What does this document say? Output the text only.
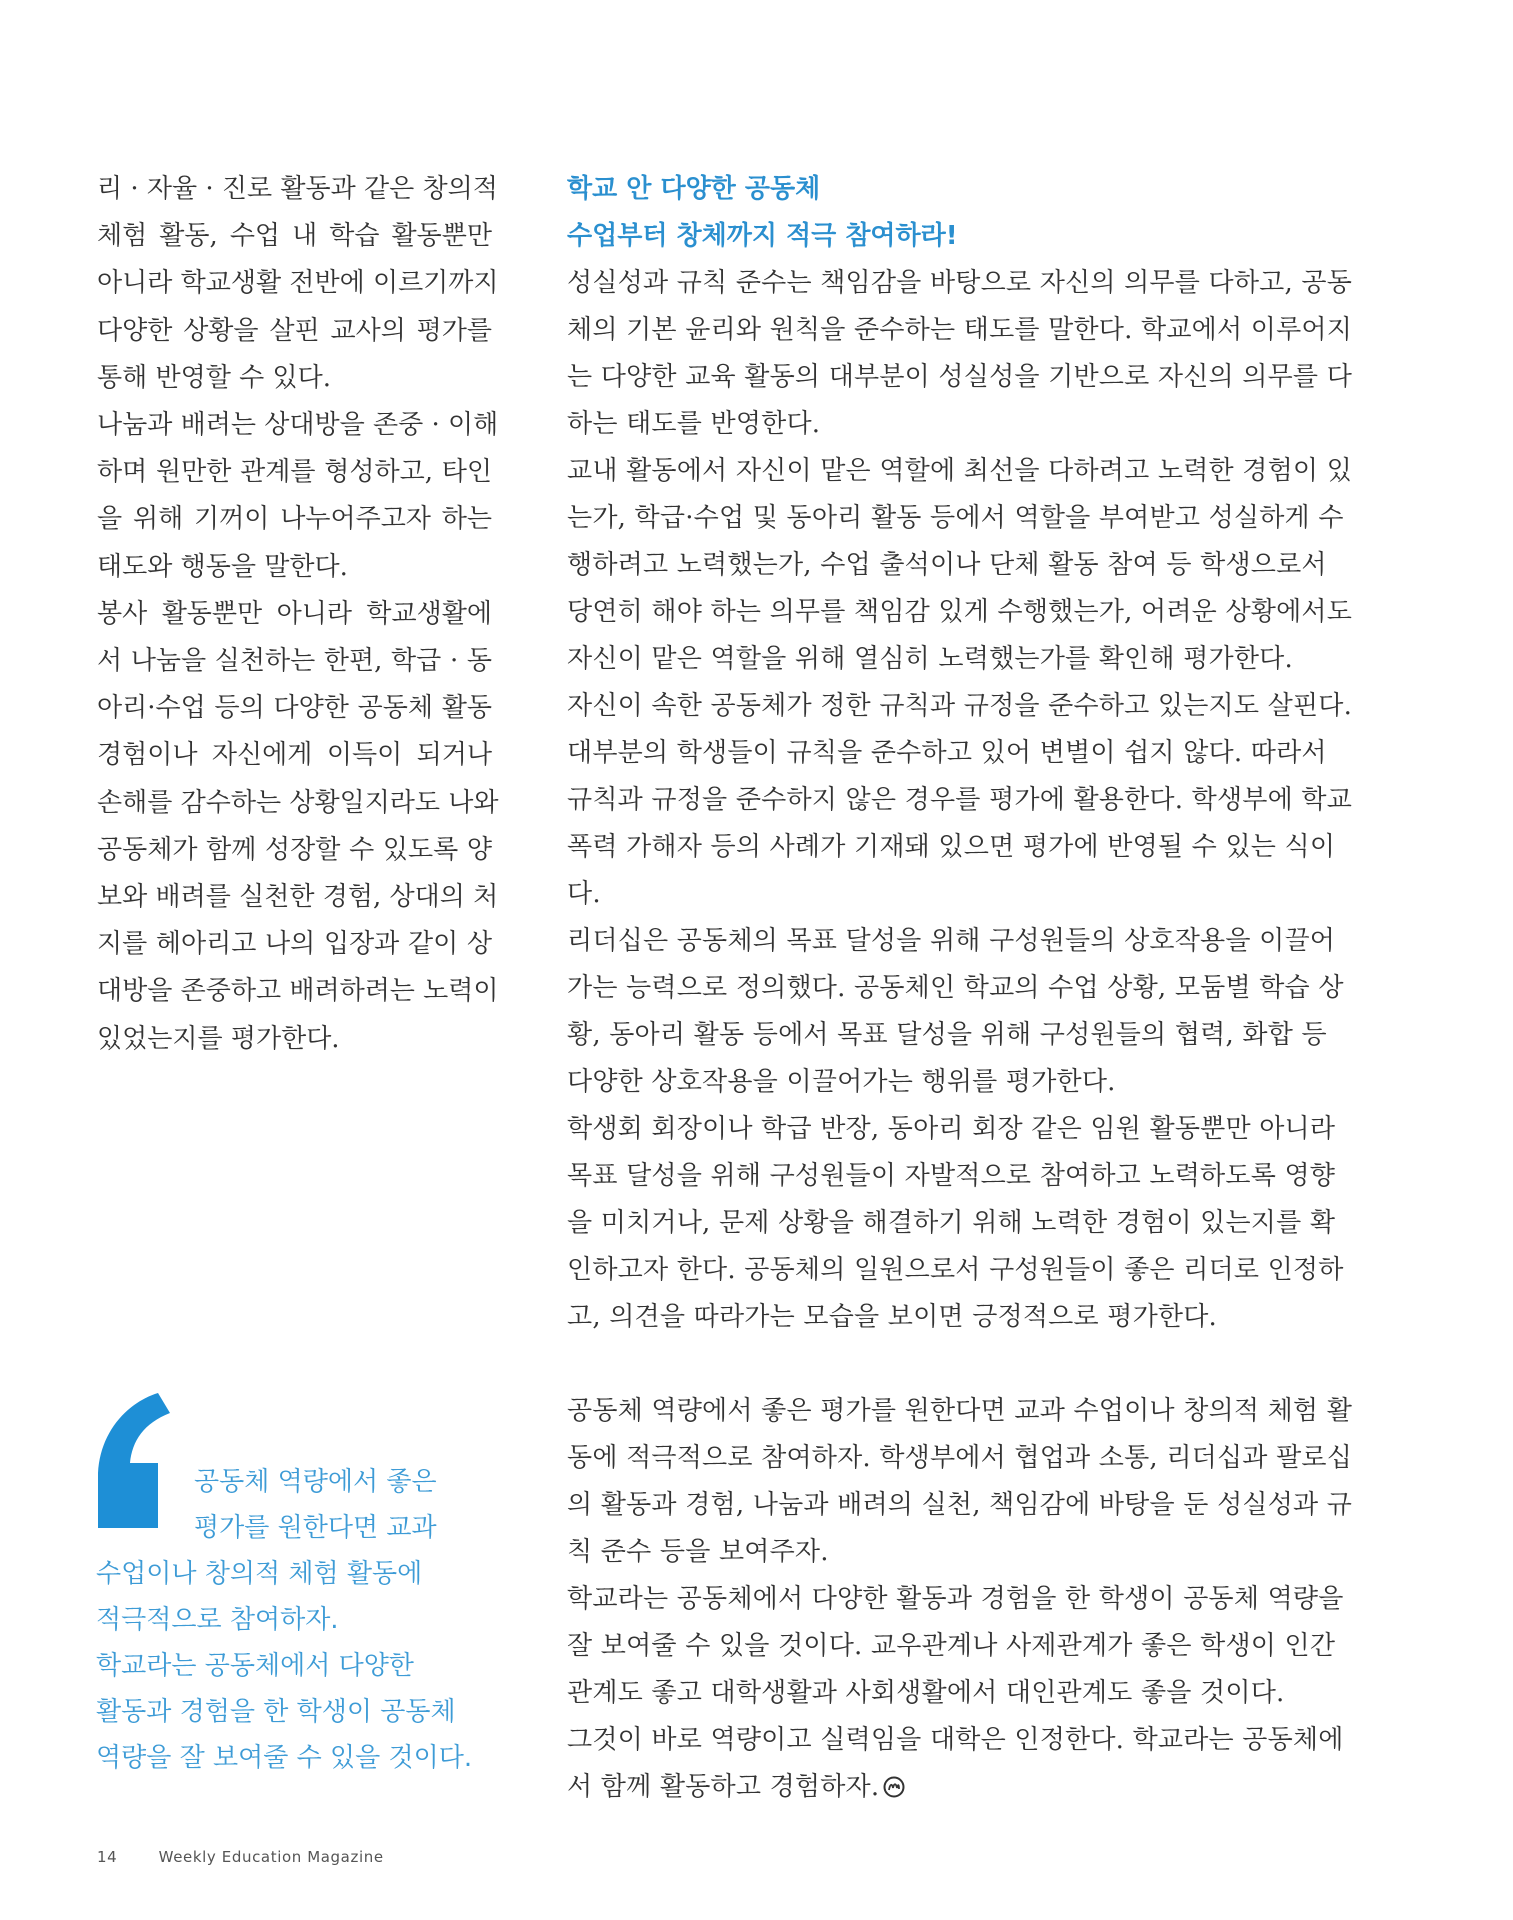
리 · 자율 · 진로 활동과 같은 창의적

체험 활동, 수업 내 학습 활동뿐만

아니라 학교생활 전반에 이르기까지

다양한 상황을 살핀 교사의 평가를

통해 반영할 수 있다.

나눔과 배려는 상대방을 존중 · 이해

하며 원만한 관계를 형성하고, 타인

을 위해 기꺼이 나누어주고자 하는

태도와 행동을 말한다.

봉사 활동뿐만 아니라 학교생활에

서 나눔을 실천하는 한편, 학급 · 동

아리·수업 등의 다양한 공동체 활동

경험이나 자신에게 이득이 되거나

손해를 감수하는 상황일지라도 나와

공동체가 함께 성장할 수 있도록 양

보와 배려를 실천한 경험, 상대의 처

지를 헤아리고 나의 입장과 같이 상

대방을 존중하고 배려하려는 노력이

있었는지를 평가한다.

공동체 역량에서 좋은
평가를 원한다면 교과
수업이나 창의적 체험 활동에
적극적으로 참여하자.
학교라는 공동체에서 다양한
활동과 경험을 한 학생이 공동체
역량을 잘 보여줄 수 있을 것이다.
학교 안 다양한 공동체
수업부터 창체까지 적극 참여하라!

성실성과 규칙 준수는 책임감을 바탕으로 자신의 의무를 다하고, 공동체의 기본 윤리와 원칙을 준수하는 태도를 말한다. 학교에서 이루어지는 다양한 교육 활동의 대부분이 성실성을 기반으로 자신의 의무를 다하는 태도를 반영한다.

교내 활동에서 자신이 맡은 역할에 최선을 다하려고 노력한 경험이 있는가, 학급·수업 및 동아리 활동 등에서 역할을 부여받고 성실하게 수행하려고 노력했는가, 수업 출석이나 단체 활동 참여 등 학생으로서 당연히 해야 하는 의무를 책임감 있게 수행했는가, 어려운 상황에서도 자신이 맡은 역할을 위해 열심히 노력했는가를 확인해 평가한다.

자신이 속한 공동체가 정한 규칙과 규정을 준수하고 있는지도 살핀다. 대부분의 학생들이 규칙을 준수하고 있어 변별이 쉽지 않다. 따라서 규칙과 규정을 준수하지 않은 경우를 평가에 활용한다. 학생부에 학교폭력 가해자 등의 사례가 기재돼 있으면 평가에 반영될 수 있는 식이다.

리더십은 공동체의 목표 달성을 위해 구성원들의 상호작용을 이끌어가는 능력으로 정의했다. 공동체인 학교의 수업 상황, 모둠별 학습 상황, 동아리 활동 등에서 목표 달성을 위해 구성원들의 협력, 화합 등 다양한 상호작용을 이끌어가는 행위를 평가한다.

학생회 회장이나 학급 반장, 동아리 회장 같은 임원 활동뿐만 아니라 목표 달성을 위해 구성원들이 자발적으로 참여하고 노력하도록 영향을 미치거나, 문제 상황을 해결하기 위해 노력한 경험이 있는지를 확인하고자 한다. 공동체의 일원으로서 구성원들이 좋은 리더로 인정하고, 의견을 따라가는 모습을 보이면 긍정적으로 평가한다.

공동체 역량에서 좋은 평가를 원한다면 교과 수업이나 창의적 체험 활동에 적극적으로 참여하자. 학생부에서 협업과 소통, 리더십과 팔로십의 활동과 경험, 나눔과 배려의 실천, 책임감에 바탕을 둔 성실성과 규칙 준수 등을 보여주자.

학교라는 공동체에서 다양한 활동과 경험을 한 학생이 공동체 역량을 잘 보여줄 수 있을 것이다. 교우관계나 사제관계가 좋은 학생이 인간관계도 좋고 대학생활과 사회생활에서 대인관계도 좋을 것이다.

그것이 바로 역량이고 실력임을 대학은 인정한다. 학교라는 공동체에서 함께 활동하고 경험하자.

14	Weekly Education Magazine
